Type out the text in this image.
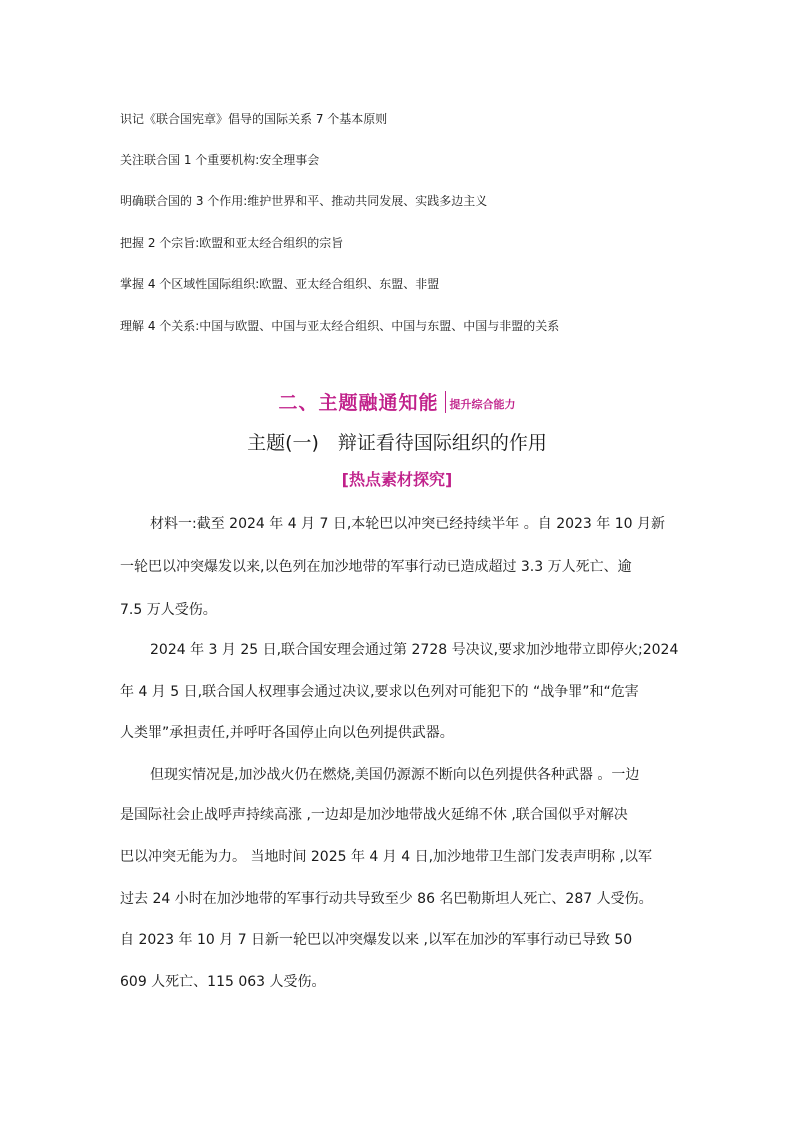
识记《联合国宪章》倡导的国际关系 7 个基本原则
关注联合国 1 个重要机构:安全理事会
明确联合国的 3 个作用:维护世界和平、推动共同发展、实践多边主义
把握 2 个宗旨:欧盟和亚太经合组织的宗旨
掌握 4 个区域性国际组织:欧盟、亚太经合组织、东盟、非盟
理解 4 个关系:中国与欧盟、中国与亚太经合组织、中国与东盟、中国与非盟的关系
二、主题融通知能 提升综合能力
主题(一)　辩证看待国际组织的作用
[热点素材探究]
材料一:截至 2024 年 4 月 7 日,本轮巴以冲突已经持续半年 。自 2023 年 10 月新
一轮巴以冲突爆发以来,以色列在加沙地带的军事行动已造成超过 3.3 万人死亡、逾
7.5 万人受伤。
2024 年 3 月 25 日,联合国安理会通过第 2728 号决议,要求加沙地带立即停火;2024
年 4 月 5 日,联合国人权理事会通过决议,要求以色列对可能犯下的 “战争罪”和“危害
人类罪”承担责任,并呼吁各国停止向以色列提供武器。
但现实情况是,加沙战火仍在燃烧,美国仍源源不断向以色列提供各种武器 。一边
是国际社会止战呼声持续高涨 ,一边却是加沙地带战火延绵不休 ,联合国似乎对解决
巴以冲突无能为力。 当地时间 2025 年 4 月 4 日,加沙地带卫生部门发表声明称 ,以军
过去 24 小时在加沙地带的军事行动共导致至少 86 名巴勒斯坦人死亡、287 人受伤。
自 2023 年 10 月 7 日新一轮巴以冲突爆发以来 ,以军在加沙的军事行动已导致 50
609 人死亡、115 063 人受伤。
